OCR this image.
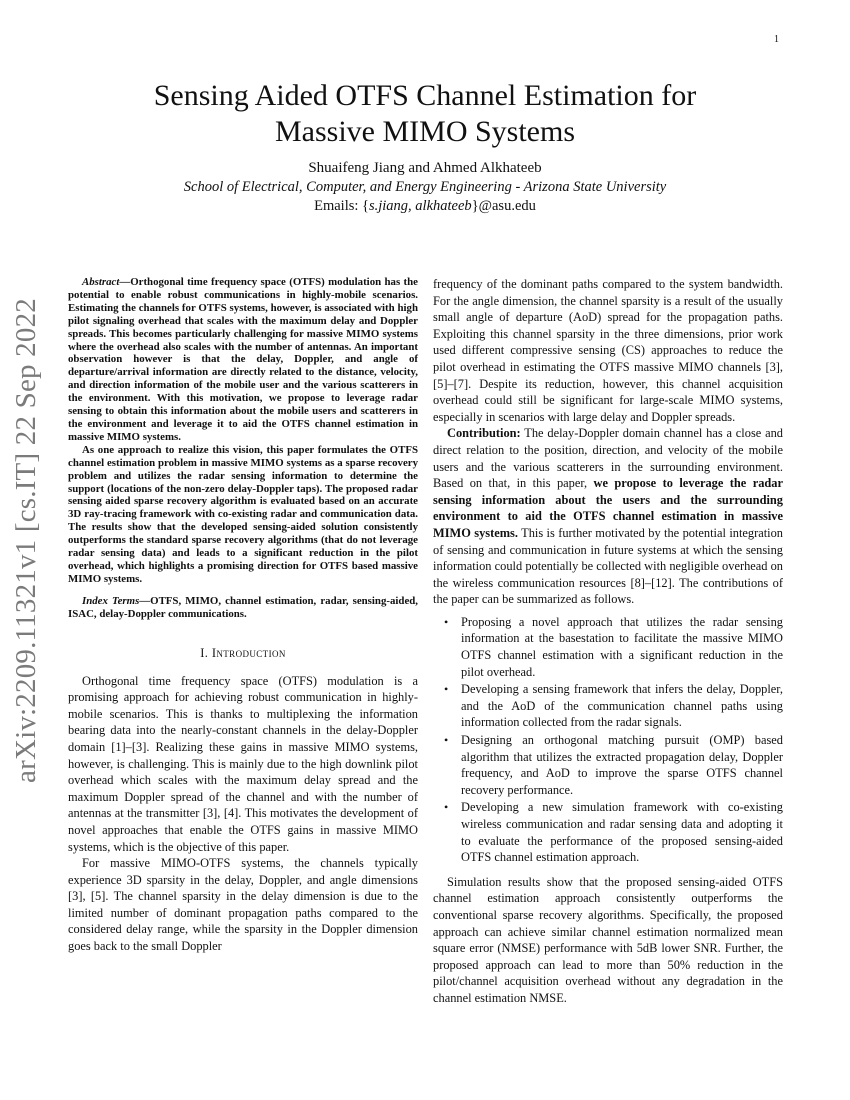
1
arXiv:2209.11321v1 [cs.IT] 22 Sep 2022
Sensing Aided OTFS Channel Estimation for
Massive MIMO Systems
Shuaifeng Jiang and Ahmed Alkhateeb
School of Electrical, Computer, and Energy Engineering - Arizona State University
Emails: {s.jiang, alkhateeb}@asu.edu

Abstract—Orthogonal time frequency space (OTFS) modulation has the potential to enable robust communications in highly-mobile scenarios. Estimating the channels for OTFS systems, however, is associated with high pilot signaling overhead that scales with the maximum delay and Doppler spreads. This becomes particularly challenging for massive MIMO systems where the overhead also scales with the number of antennas. An important observation however is that the delay, Doppler, and angle of departure/arrival information are directly related to the distance, velocity, and direction information of the mobile user and the various scatterers in the environment. With this motivation, we propose to leverage radar sensing to obtain this information about the mobile users and scatterers in the environment and leverage it to aid the OTFS channel estimation in massive MIMO systems.

As one approach to realize this vision, this paper formulates the OTFS channel estimation problem in massive MIMO systems as a sparse recovery problem and utilizes the radar sensing information to determine the support (locations of the non-zero delay-Doppler taps). The proposed radar sensing aided sparse recovery algorithm is evaluated based on an accurate 3D ray-tracing framework with co-existing radar and communication data. The results show that the developed sensing-aided solution consistently outperforms the standard sparse recovery algorithms (that do not leverage radar sensing data) and leads to a significant reduction in the pilot overhead, which highlights a promising direction for OTFS based massive MIMO systems.

Index Terms—OTFS, MIMO, channel estimation, radar, sensing-aided, ISAC, delay-Doppler communications.

I. Introduction

Orthogonal time frequency space (OTFS) modulation is a promising approach for achieving robust communication in highly-mobile scenarios. This is thanks to multiplexing the information bearing data into the nearly-constant channels in the delay-Doppler domain [1]–[3]. Realizing these gains in massive MIMO systems, however, is challenging. This is mainly due to the high downlink pilot overhead which scales with the maximum delay spread and the maximum Doppler spread of the channel and with the number of antennas at the transmitter [3], [4]. This motivates the development of novel approaches that enable the OTFS gains in massive MIMO systems, which is the objective of this paper.

For massive MIMO-OTFS systems, the channels typically experience 3D sparsity in the delay, Doppler, and angle dimensions [3], [5]. The channel sparsity in the delay dimension is due to the limited number of dominant propagation paths compared to the considered delay range, while the sparsity in the Doppler dimension goes back to the small Doppler

frequency of the dominant paths compared to the system bandwidth. For the angle dimension, the channel sparsity is a result of the usually small angle of departure (AoD) spread for the propagation paths. Exploiting this channel sparsity in the three dimensions, prior work used different compressive sensing (CS) approaches to reduce the pilot overhead in estimating the OTFS massive MIMO channels [3], [5]–[7]. Despite its reduction, however, this channel acquisition overhead could still be significant for large-scale MIMO systems, especially in scenarios with large delay and Doppler spreads.

Contribution: The delay-Doppler domain channel has a close and direct relation to the position, direction, and velocity of the mobile users and the various scatterers in the surrounding environment. Based on that, in this paper, we propose to leverage the radar sensing information about the users and the surrounding environment to aid the OTFS channel estimation in massive MIMO systems. This is further motivated by the potential integration of sensing and communication in future systems at which the sensing information could potentially be collected with negligible overhead on the wireless communication resources [8]–[12]. The contributions of the paper can be summarized as follows.

• Proposing a novel approach that utilizes the radar sensing information at the basestation to facilitate the massive MIMO OTFS channel estimation with a significant reduction in the pilot overhead.
• Developing a sensing framework that infers the delay, Doppler, and the AoD of the communication channel paths using information collected from the radar signals.
• Designing an orthogonal matching pursuit (OMP) based algorithm that utilizes the extracted propagation delay, Doppler frequency, and AoD to improve the sparse OTFS channel recovery performance.
• Developing a new simulation framework with co-existing wireless communication and radar sensing data and adopting it to evaluate the performance of the proposed sensing-aided OTFS channel estimation approach.

Simulation results show that the proposed sensing-aided OTFS channel estimation approach consistently outperforms the conventional sparse recovery algorithms. Specifically, the proposed approach can achieve similar channel estimation normalized mean square error (NMSE) performance with 5dB lower SNR. Further, the proposed approach can lead to more than 50% reduction in the pilot/channel acquisition overhead without any degradation in the channel estimation NMSE.
